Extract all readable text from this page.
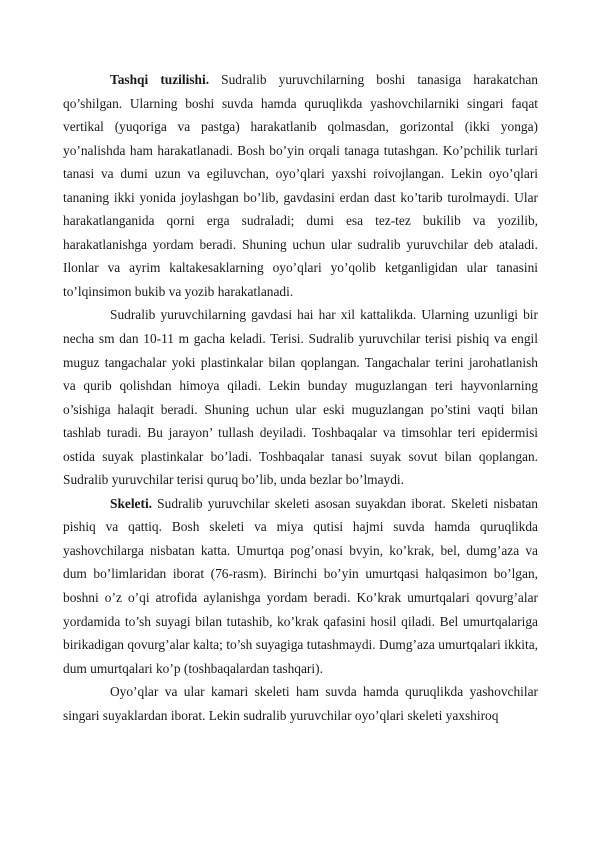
Tashqi tuzilishi. Sudralib yuruvchilarning boshi tanasiga harakatchan qo’shilgan. Ularning boshi suvda hamda quruqlikda yashovchilarniki singari faqat vertikal (yuqoriga va pastga) harakatlanib qolmasdan, gorizontal (ikki yonga) yo’nalishda ham harakatlanadi. Bosh bo’yin orqali tanaga tutashgan. Ko’pchilik turlari tanasi va dumi uzun va egiluvchan, oyo’qlari yaxshi roivojlangan. Lekin oyo’qlari tananing ikki yonida joylashgan bo’lib, gavdasini erdan dast ko’tarib turolmaydi. Ular harakatlanganida qorni erga sudraladi; dumi esa tez-tez bukilib va yozilib, harakatlanishga yordam beradi. Shuning uchun ular sudralib yuruvchilar deb ataladi. Ilonlar va ayrim kaltakesaklarning oyo’qlari yo’qolib ketganligidan ular tanasini to’lqinsimon bukib va yozib harakatlanadi.

Sudralib yuruvchilarning gavdasi hai har xil kattalikda. Ularning uzunligi bir necha sm dan 10-11 m gacha keladi. Terisi. Sudralib yuruvchilar terisi pishiq va engil muguz tangachalar yoki plastinkalar bilan qoplangan. Tangachalar terini jarohatlanish va qurib qolishdan himoya qiladi. Lekin bunday muguzlangan teri hayvonlarning o’sishiga halaqit beradi. Shuning uchun ular eski muguzlangan po’stini vaqti bilan tashlab turadi. Bu jarayon’ tullash deyiladi. Toshbaqalar va timsohlar teri epidermisi ostida suyak plastinkalar bo’ladi. Toshbaqalar tanasi suyak sovut bilan qoplangan. Sudralib yuruvchilar terisi quruq bo’lib, unda bezlar bo’lmaydi.

Skeleti. Sudralib yuruvchilar skeleti asosan suyakdan iborat. Skeleti nisbatan pishiq va qattiq. Bosh skeleti va miya qutisi hajmi suvda hamda quruqlikda yashovchilarga nisbatan katta. Umurtqa pog’onasi bvyin, ko’krak, bel, dumg’aza va dum bo’limlaridan iborat (76-rasm). Birinchi bo’yin umurtqasi halqasimon bo’lgan, boshni o’z o’qi atrofida aylanishga yordam beradi. Ko’krak umurtqalari qovurg’alar yordamida to’sh suyagi bilan tutashib, ko’krak qafasini hosil qiladi. Bel umurtqalariga birikadigan qovurg’alar kalta; to’sh suyagiga tutashmaydi. Dumg’aza umurtqalari ikkita, dum umurtqalari ko’p (toshbaqalardan tashqari).

Oyo’qlar va ular kamari skeleti ham suvda hamda quruqlikda yashovchilar singari suyaklardan iborat. Lekin sudralib yuruvchilar oyo’qlari skeleti yaxshiroq
